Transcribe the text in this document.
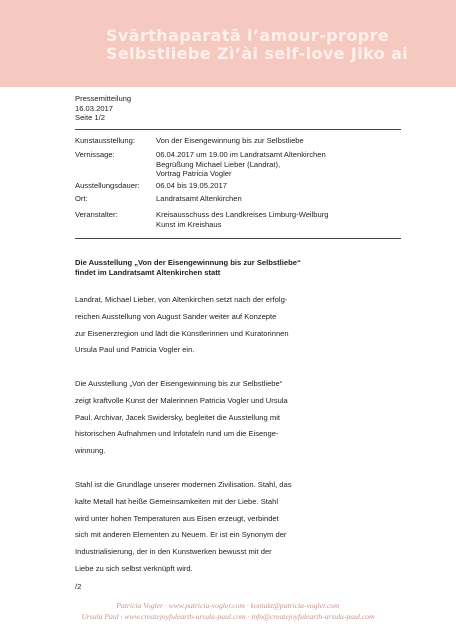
Svārthaparatā l’amour-propre
Selbstliebe Zì’ài self-love Jiko ai
Pressemitteilung
16.03.2017
Seite 1/2
Kunstausstellung:	Von der Eisengewinnung bis zur Selbstliebe
Vernissage:	06.04.2017 um 19.00 im Landratsamt Altenkirchen
Begrüßung Michael Lieber (Landrat),
Vortrag Patricia Vogler
Ausstellungsdauer: 06.04 bis 19.05.2017
Ort:	Landratsamt Altenkirchen
Veranstalter:	Kreisausschuss des Landkreises Limburg-Weilburg
Kunst im Kreishaus
Die Ausstellung „Von der Eisengewinnung bis zur Selbstliebe“
findet im Landratsamt Altenkirchen statt
Landrat, Michael Lieber, von Altenkirchen setzt nach der erfolg-
reichen Ausstellung von August Sander weiter auf Konzepte
zur Eisenerzregion und lädt die Künstlerinnen und Kuratorinnen
Ursula Paul und Patricia Vogler ein.
Die Ausstellung „Von der Eisengewinnung bis zur Selbstliebe“
zeigt kraftvolle Kunst der Malerinnen Patricia Vogler und Ursula
Paul. Archivar, Jacek Swidersky, begleitet die Ausstellung mit
historischen Aufnahmen und Infotafeln rund um die Eisenge-
winnung.
Stahl ist die Grundlage unserer modernen Zivilisation. Stahl, das
kalte Metall hat heiße Gemeinsamkeiten mit der Liebe. Stahl
wird unter hohen Temperaturen aus Eisen erzeugt, verbindet
sich mit anderen Elementen zu Neuem. Er ist ein Synonym der
Industrialisierung, der in den Kunstwerken bewusst mit der
Liebe zu sich selbst verknüpft wird.
/2
Patricia Vogler · www.patricia-vogler.com · kontakt@patricia-vogler.com
Ursula Paul · www.createjoyfulearth-ursula-paul.com · info@createjoyfulearth-ursula-paul.com
